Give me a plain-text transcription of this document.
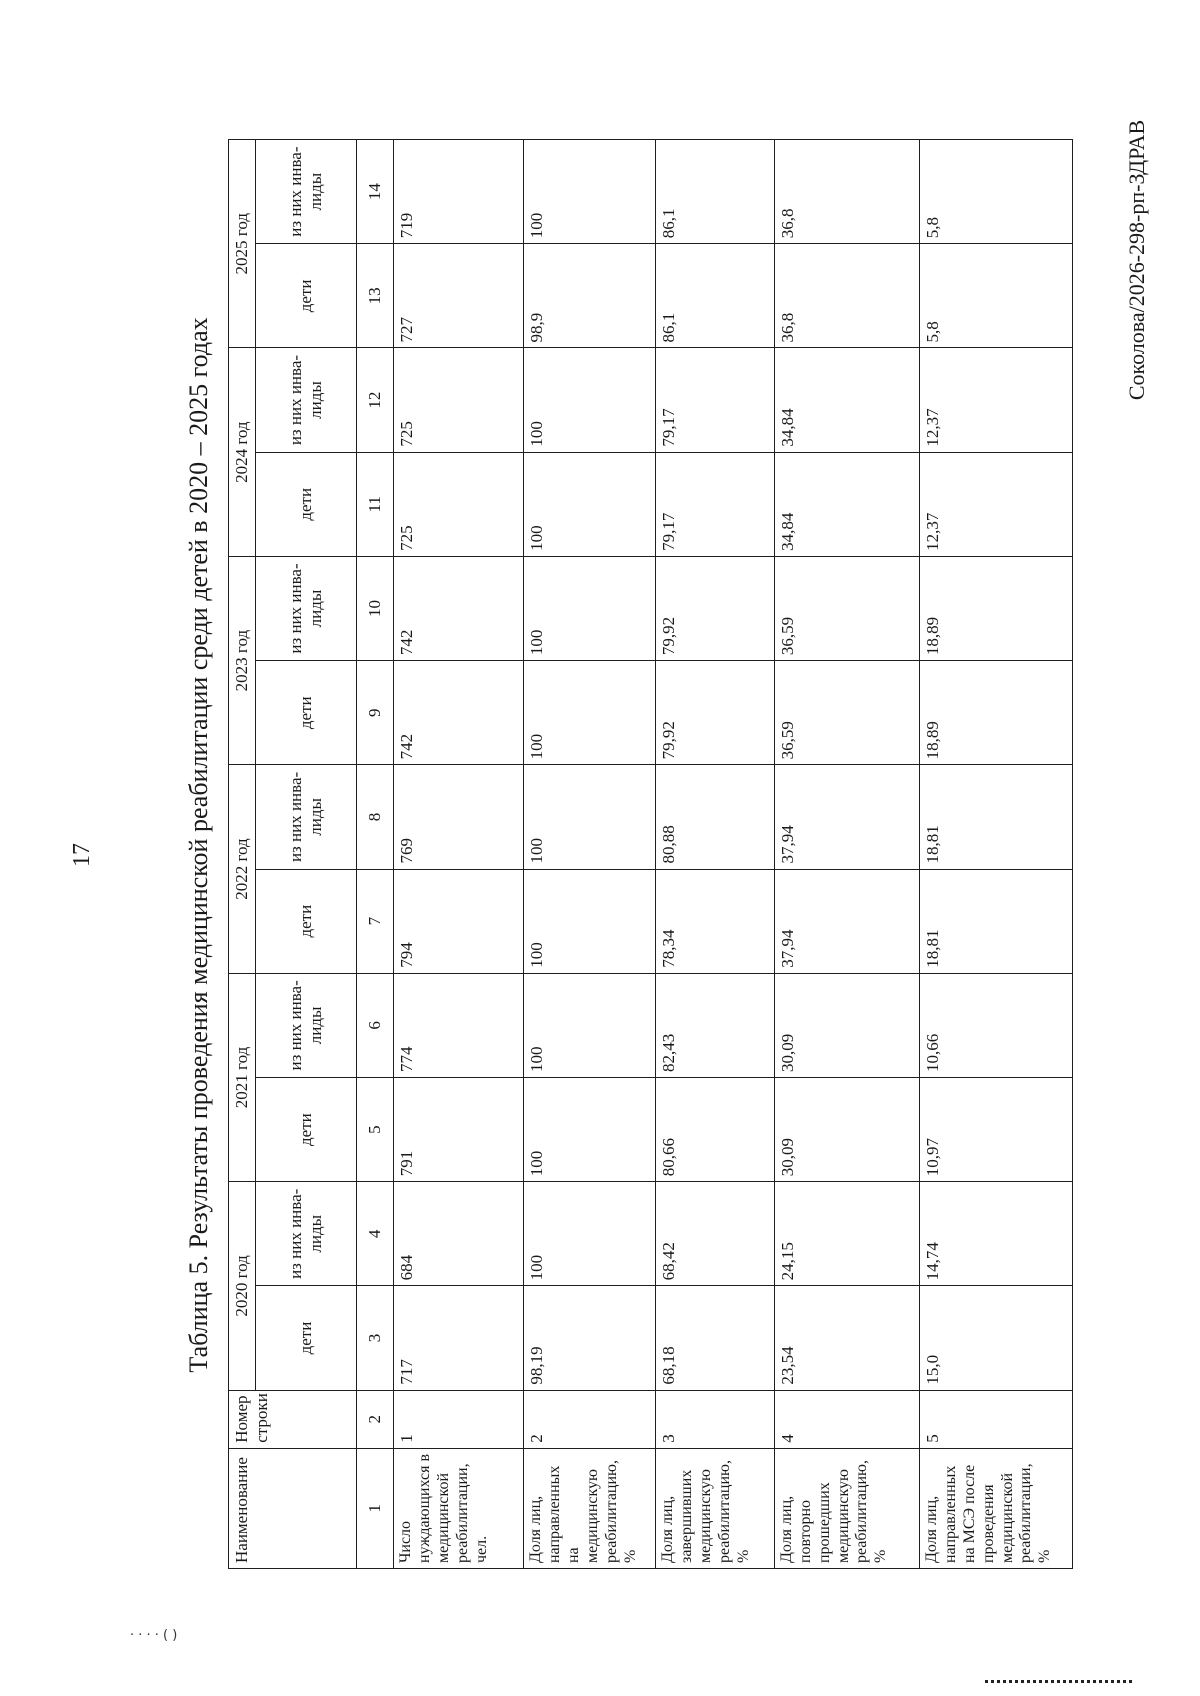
17	Таблица 5. Результаты проведения медицинской реабилитации среди детей в 2020 – 2025 годах
Соколова/2026-298-рп-ЗДРАВ
Наименование	Номер строки	2020 год		2021 год		2022 год		2023 год		2024 год		2025 год	
		дети	из них инва-лиды	дети	из них инва-лиды	дети	из них инва-лиды	дети	из них инва-лиды	дети	из них инва-лиды	дети	из них инва-лиды
1	2	3	4	5	6	7	8	9	10	11	12	13	14
Число нуждающихся в медицинской реабилитации, чел.	1	717	684	791	774	794	769	742	742	725	725	727	719
Доля лиц, направленных на медицинскую реабилитацию, %	2	98,19	100	100	100	100	100	100	100	100	100	98,9	100
Доля лиц, завершивших медицинскую реабилитацию, %	3	68,18	68,42	80,66	82,43	78,34	80,88	79,92	79,92	79,17	79,17	86,1	86,1
Доля лиц, повторно прошедших медицинскую реабилитацию, %	4	23,54	24,15	30,09	30,09	37,94	37,94	36,59	36,59	34,84	34,84	36,8	36,8
Доля лиц, направленных на МСЭ после проведения медицинской реабилитации, %	5	15,0	14,74	10,97	10,66	18,81	18,81	18,89	18,89	12,37	12,37	5,8	5,8
· · · · ( )
